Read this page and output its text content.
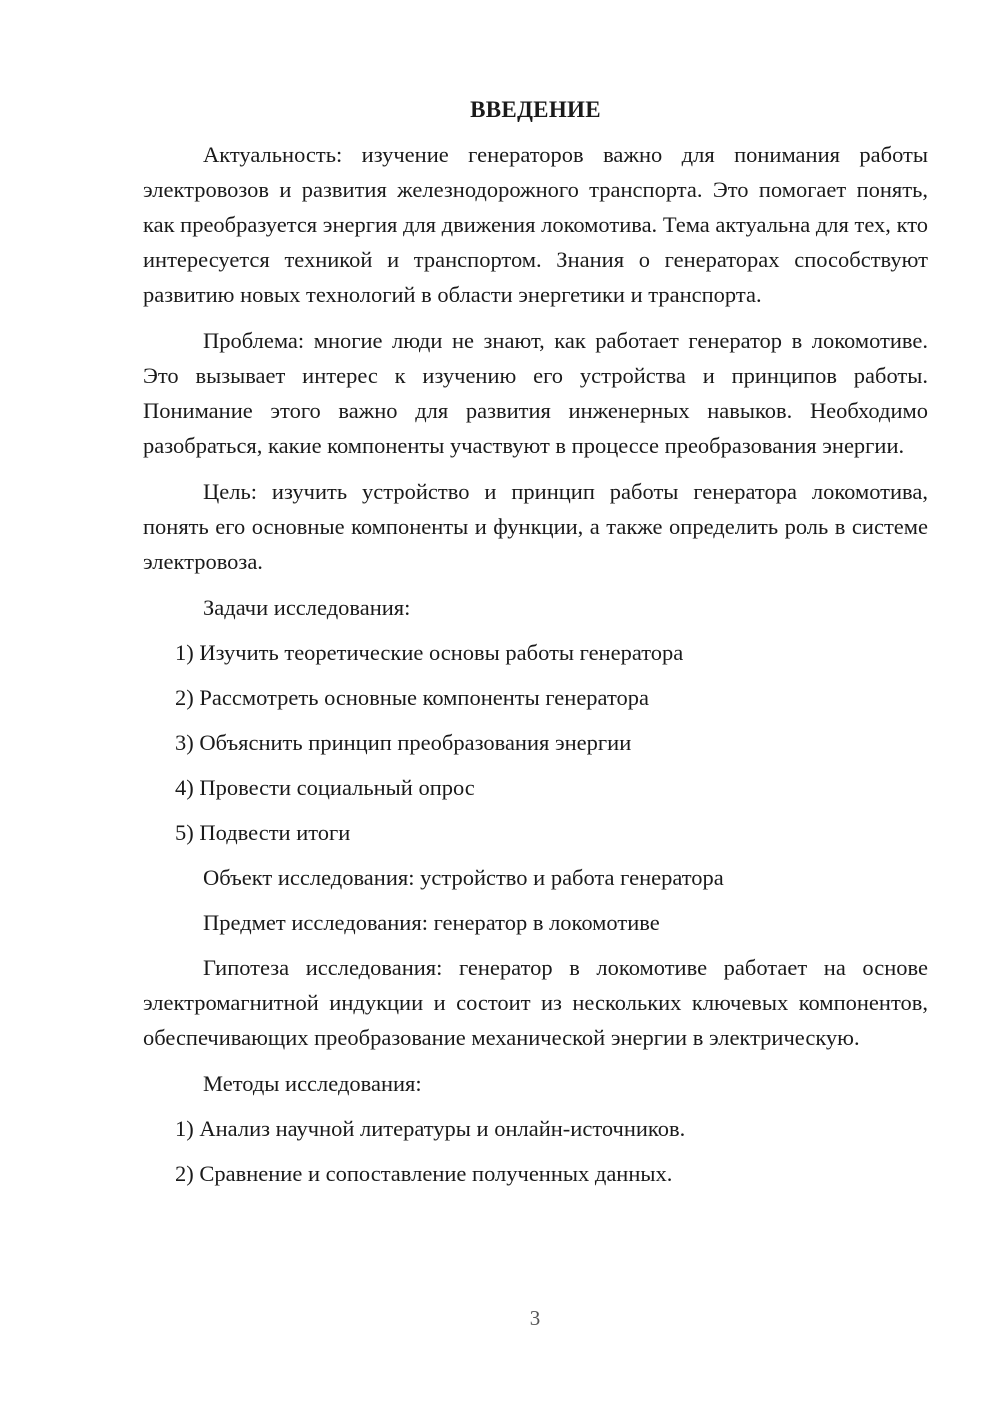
ВВЕДЕНИЕ

Актуальность: изучение генераторов важно для понимания работы электровозов и развития железнодорожного транспорта. Это помогает понять, как преобразуется энергия для движения локомотива. Тема актуальна для тех, кто интересуется техникой и транспортом. Знания о генераторах способствуют развитию новых технологий в области энергетики и транспорта.

Проблема: многие люди не знают, как работает генератор в локомотиве. Это вызывает интерес к изучению его устройства и принципов работы. Понимание этого важно для развития инженерных навыков. Необходимо разобраться, какие компоненты участвуют в процессе преобразования энергии.

Цель: изучить устройство и принцип работы генератора локомотива, понять его основные компоненты и функции, а также определить роль в системе электровоза.

Задачи исследования:
1) Изучить теоретические основы работы генератора
2) Рассмотреть основные компоненты генератора
3) Объяснить принцип преобразования энергии
4) Провести социальный опрос
5) Подвести итоги
Объект исследования: устройство и работа генератора
Предмет исследования: генератор в локомотиве

Гипотеза исследования: генератор в локомотиве работает на основе электромагнитной индукции и состоит из нескольких ключевых компонентов, обеспечивающих преобразование механической энергии в электрическую.

Методы исследования:
1) Анализ научной литературы и онлайн-источников.
2) Сравнение и сопоставление полученных данных.
3
